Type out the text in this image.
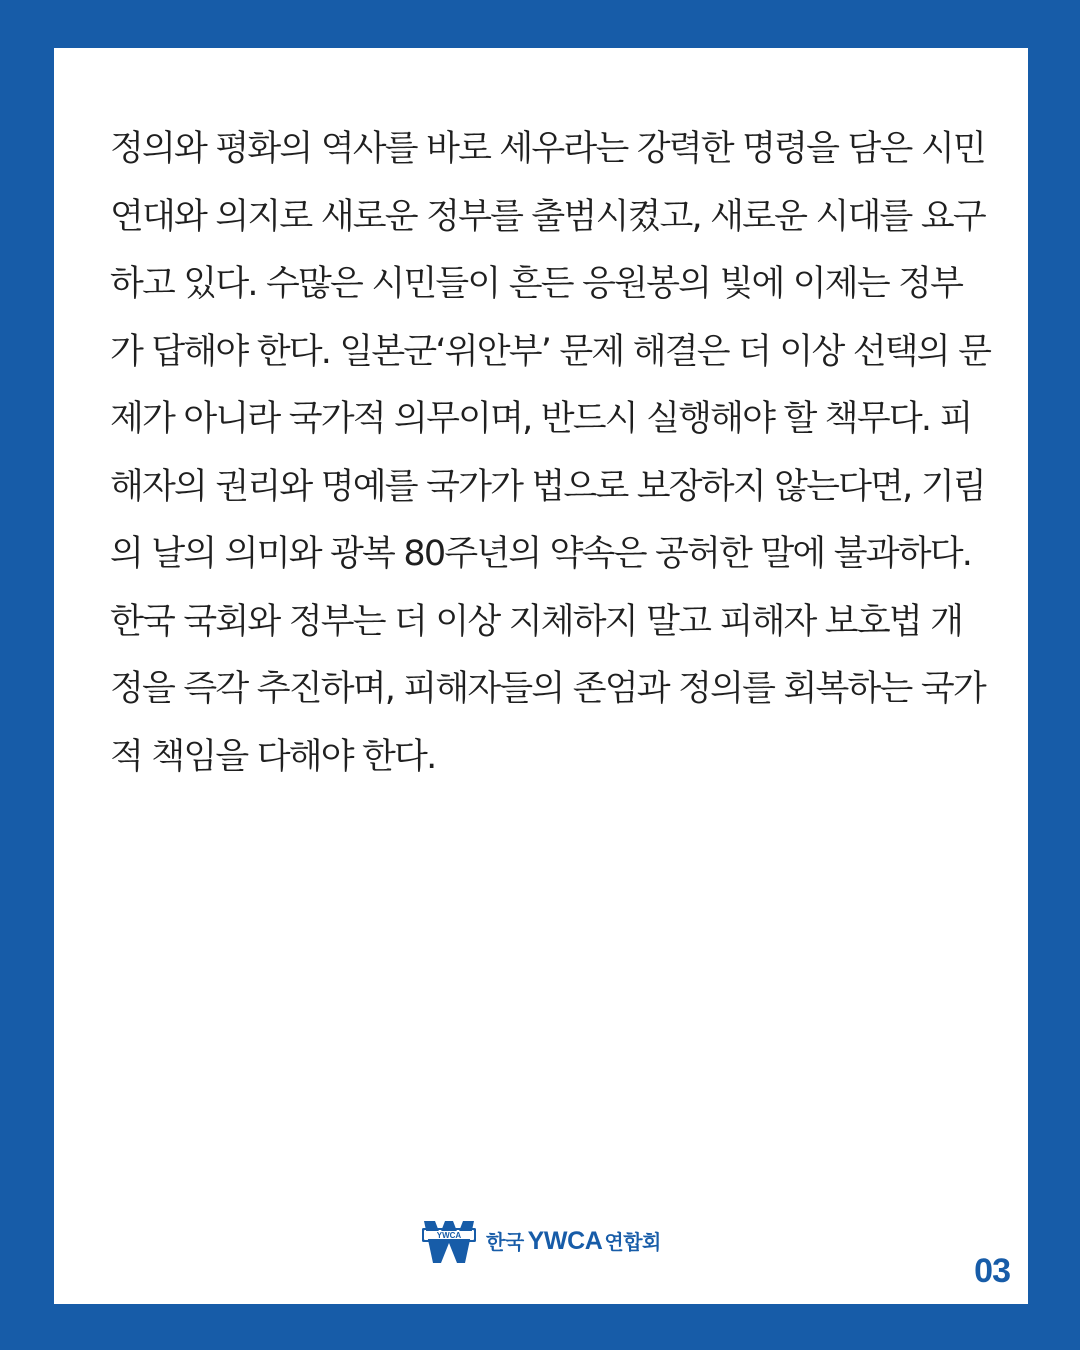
정의와 평화의 역사를 바로 세우라는 강력한 명령을 담은 시민
연대와 의지로 새로운 정부를 출범시켰고, 새로운 시대를 요구
하고 있다. 수많은 시민들이 흔든 응원봉의 빛에 이제는 정부
가 답해야 한다. 일본군‘위안부’ 문제 해결은 더 이상 선택의 문
제가 아니라 국가적 의무이며, 반드시 실행해야 할 책무다. 피
해자의 권리와 명예를 국가가 법으로 보장하지 않는다면, 기림
의 날의 의미와 광복 80주년의 약속은 공허한 말에 불과하다.
한국 국회와 정부는 더 이상 지체하지 말고 피해자 보호법 개
정을 즉각 추진하며, 피해자들의 존엄과 정의를 회복하는 국가
적 책임을 다해야 한다.

YWCA 한국 YWCA 연합회
03
